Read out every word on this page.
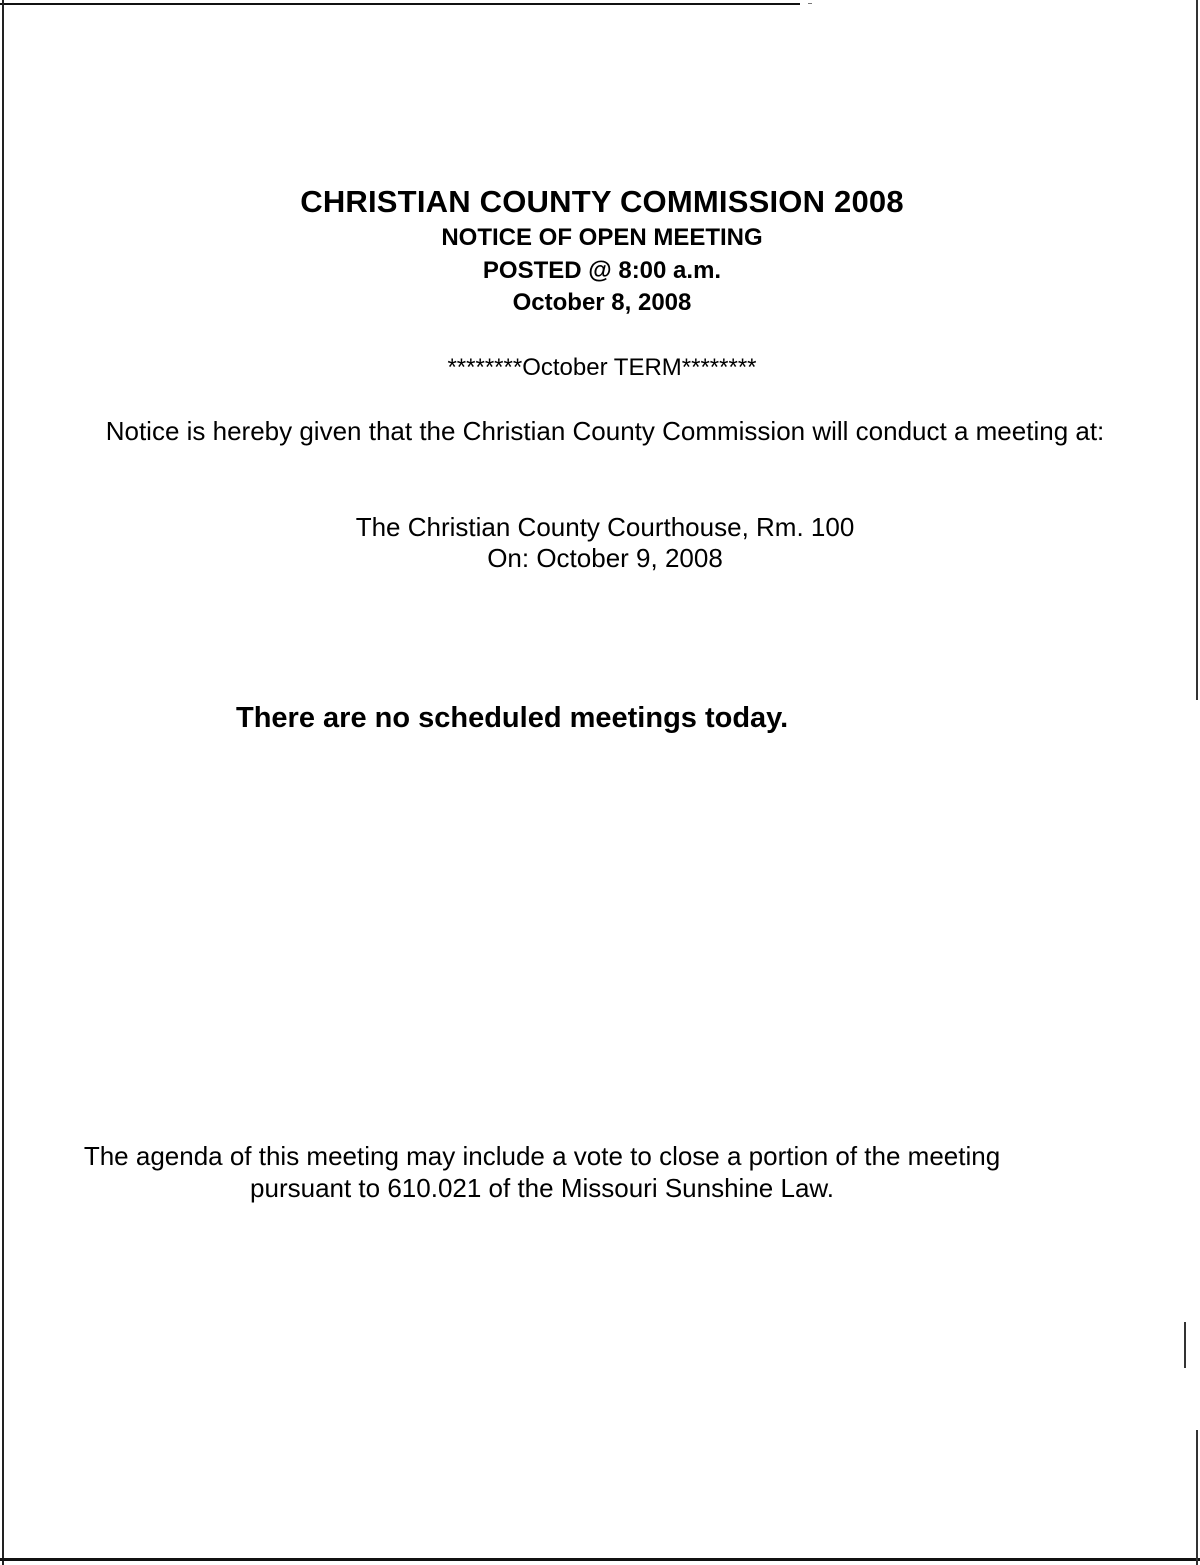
CHRISTIAN COUNTY COMMISSION 2008
NOTICE OF OPEN MEETING
POSTED @ 8:00 a.m.
October 8, 2008
********October TERM********
Notice is hereby given that the Christian County Commission will conduct a meeting at:
The Christian County Courthouse, Rm. 100
On: October 9, 2008
There are no scheduled meetings today.
The agenda of this meeting may include a vote to close a portion of the meeting pursuant to 610.021 of the Missouri Sunshine Law.
